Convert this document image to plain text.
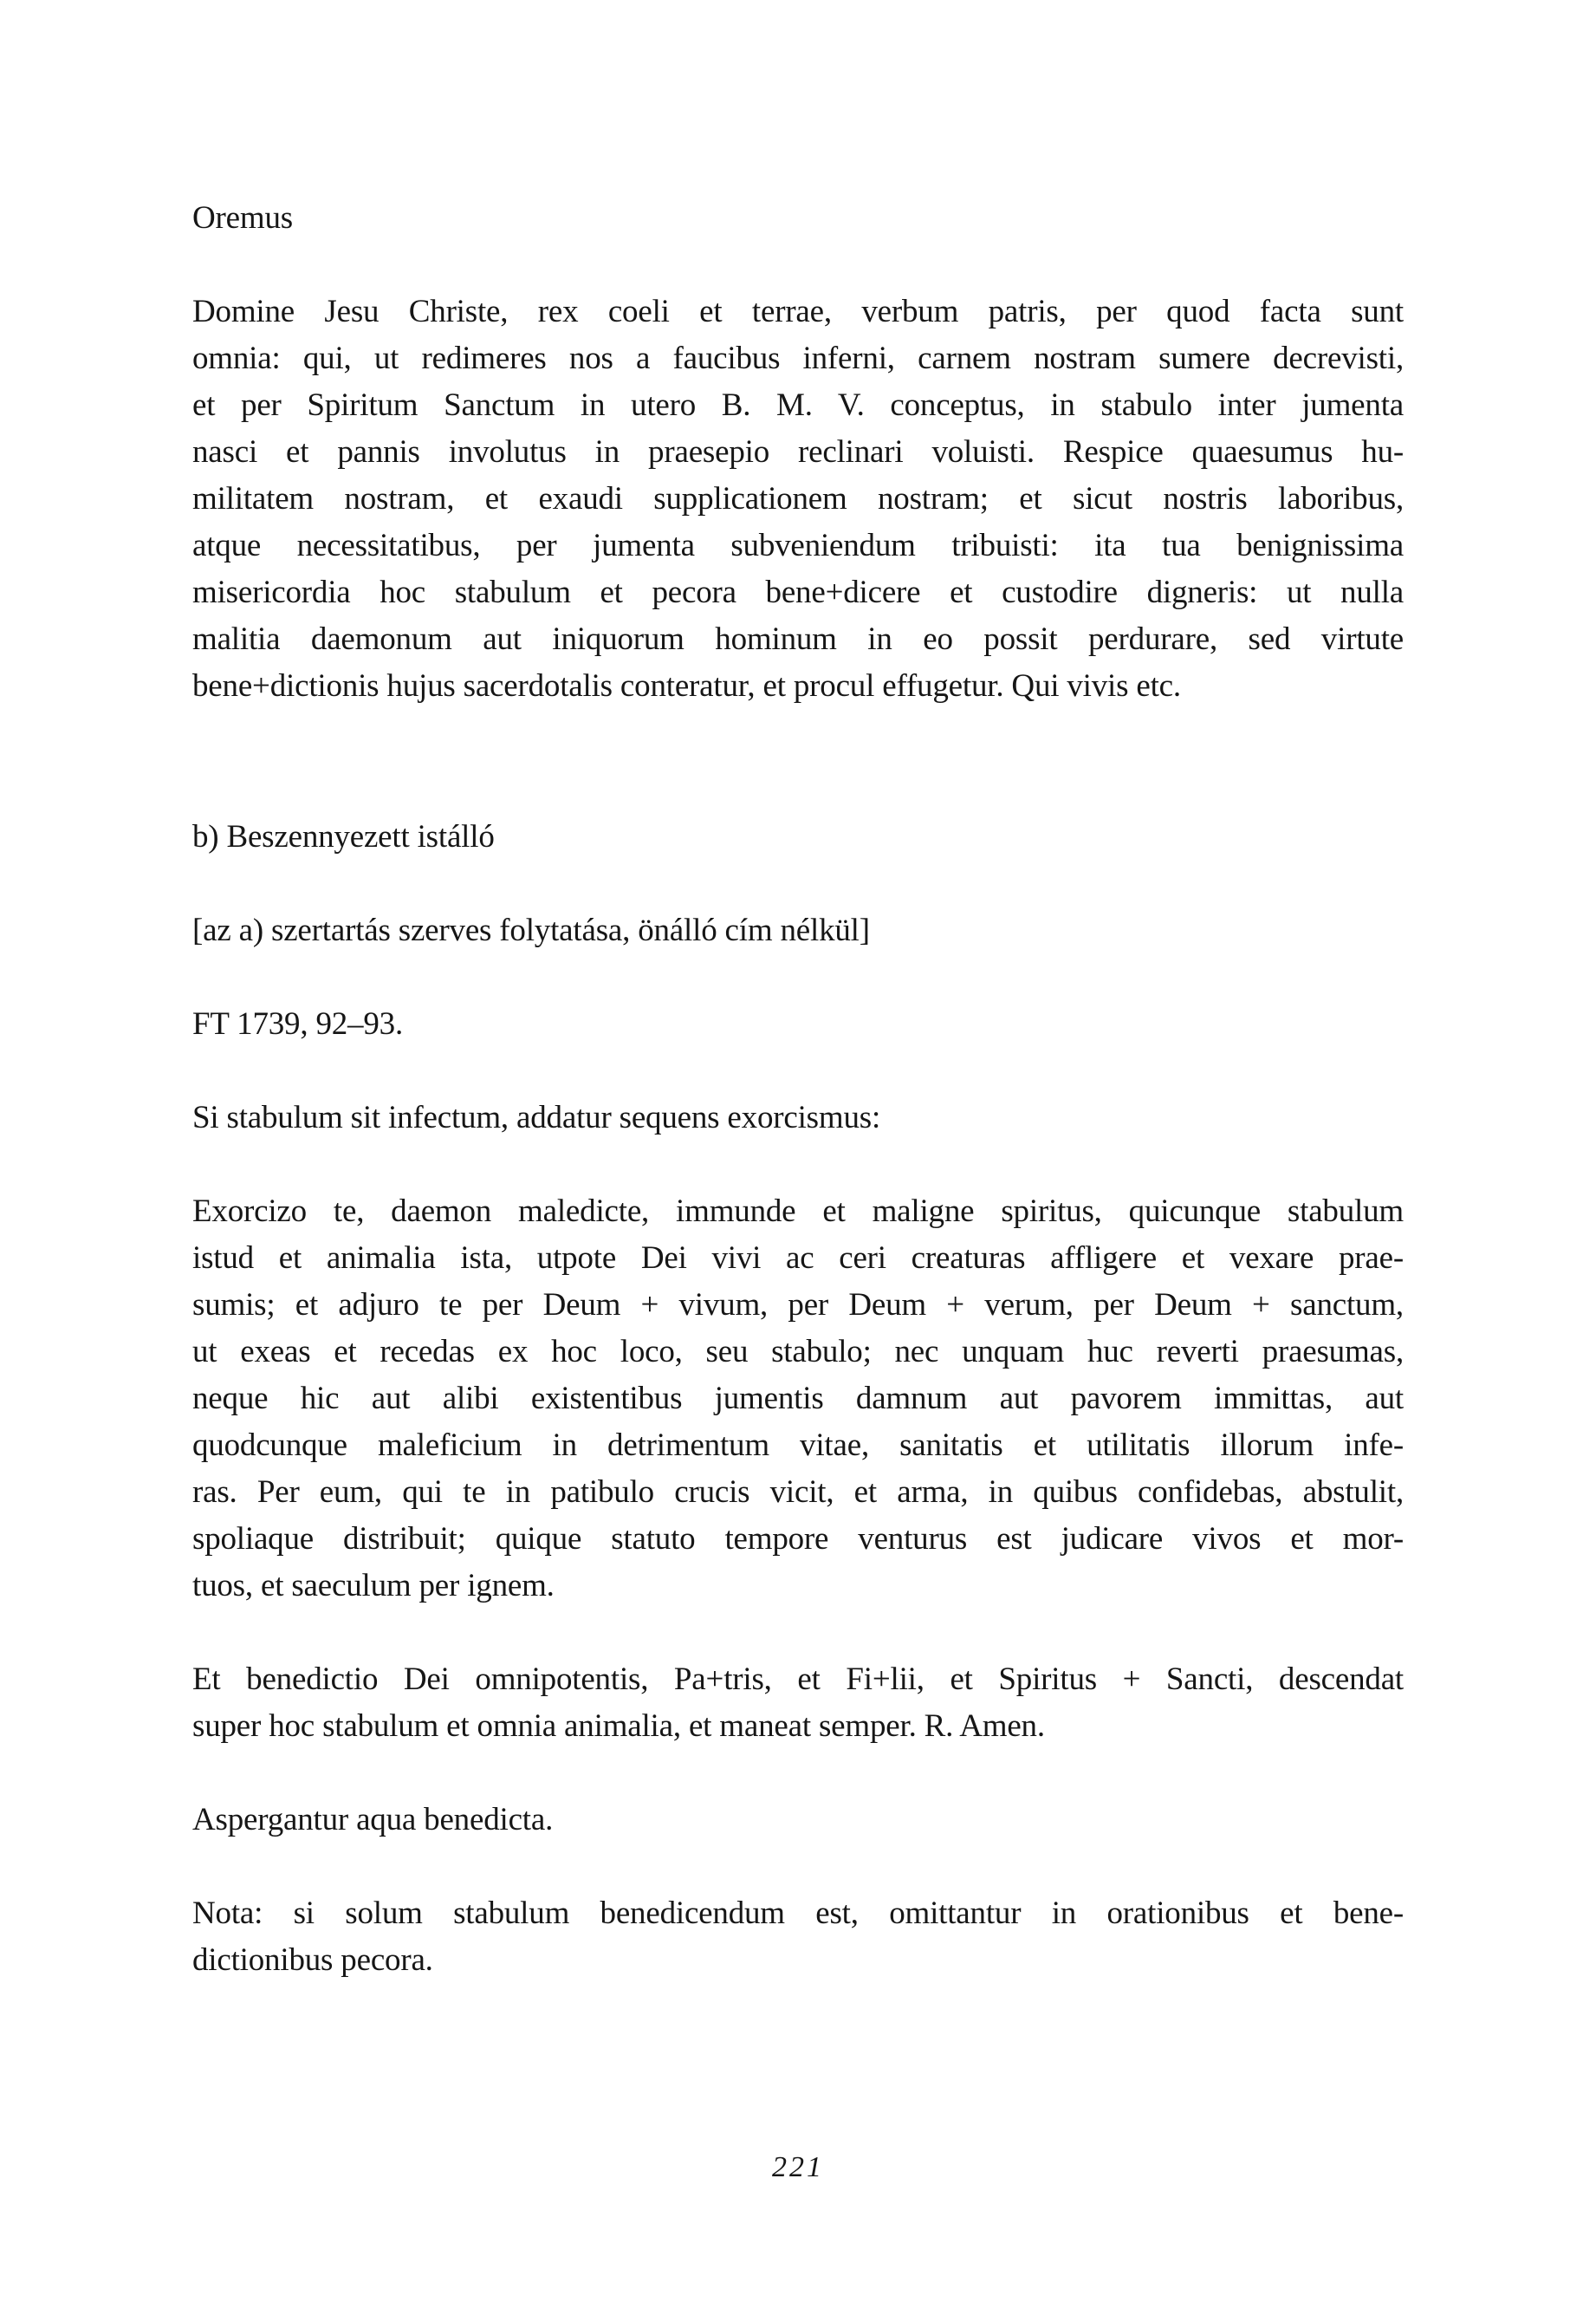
Oremus

Domine Jesu Christe, rex coeli et terrae, verbum patris, per quod facta sunt
omnia: qui, ut redimeres nos a faucibus inferni, carnem nostram sumere decrevisti,
et per Spiritum Sanctum in utero B. M. V. conceptus, in stabulo inter jumenta
nasci et pannis involutus in praesepio reclinari voluisti. Respice quaesumus hu-
militatem nostram, et exaudi supplicationem nostram; et sicut nostris laboribus,
atque necessitatibus, per jumenta subveniendum tribuisti: ita tua benignissima
misericordia hoc stabulum et pecora bene+dicere et custodire digneris: ut nulla
malitia daemonum aut iniquorum hominum in eo possit perdurare, sed virtute
bene+dictionis hujus sacerdotalis conteratur, et procul effugetur. Qui vivis etc.

b) Beszennyezett istálló

[az a) szertartás szerves folytatása, önálló cím nélkül]

FT 1739, 92–93.

Si stabulum sit infectum, addatur sequens exorcismus:

Exorcizo te, daemon maledicte, immunde et maligne spiritus, quicunque stabulum
istud et animalia ista, utpote Dei vivi ac ceri creaturas affligere et vexare prae-
sumis; et adjuro te per Deum + vivum, per Deum + verum, per Deum + sanctum,
ut exeas et recedas ex hoc loco, seu stabulo; nec unquam huc reverti praesumas,
neque hic aut alibi existentibus jumentis damnum aut pavorem immittas, aut
quodcunque maleficium in detrimentum vitae, sanitatis et utilitatis illorum infe-
ras. Per eum, qui te in patibulo crucis vicit, et arma, in quibus confidebas, abstulit,
spoliaque distribuit; quique statuto tempore venturus est judicare vivos et mor-
tuos, et saeculum per ignem.

Et benedictio Dei omnipotentis, Pa+tris, et Fi+lii, et Spiritus + Sancti, descendat
super hoc stabulum et omnia animalia, et maneat semper. R. Amen.

Aspergantur aqua benedicta.

Nota: si solum stabulum benedicendum est, omittantur in orationibus et bene-
dictionibus pecora.

221
